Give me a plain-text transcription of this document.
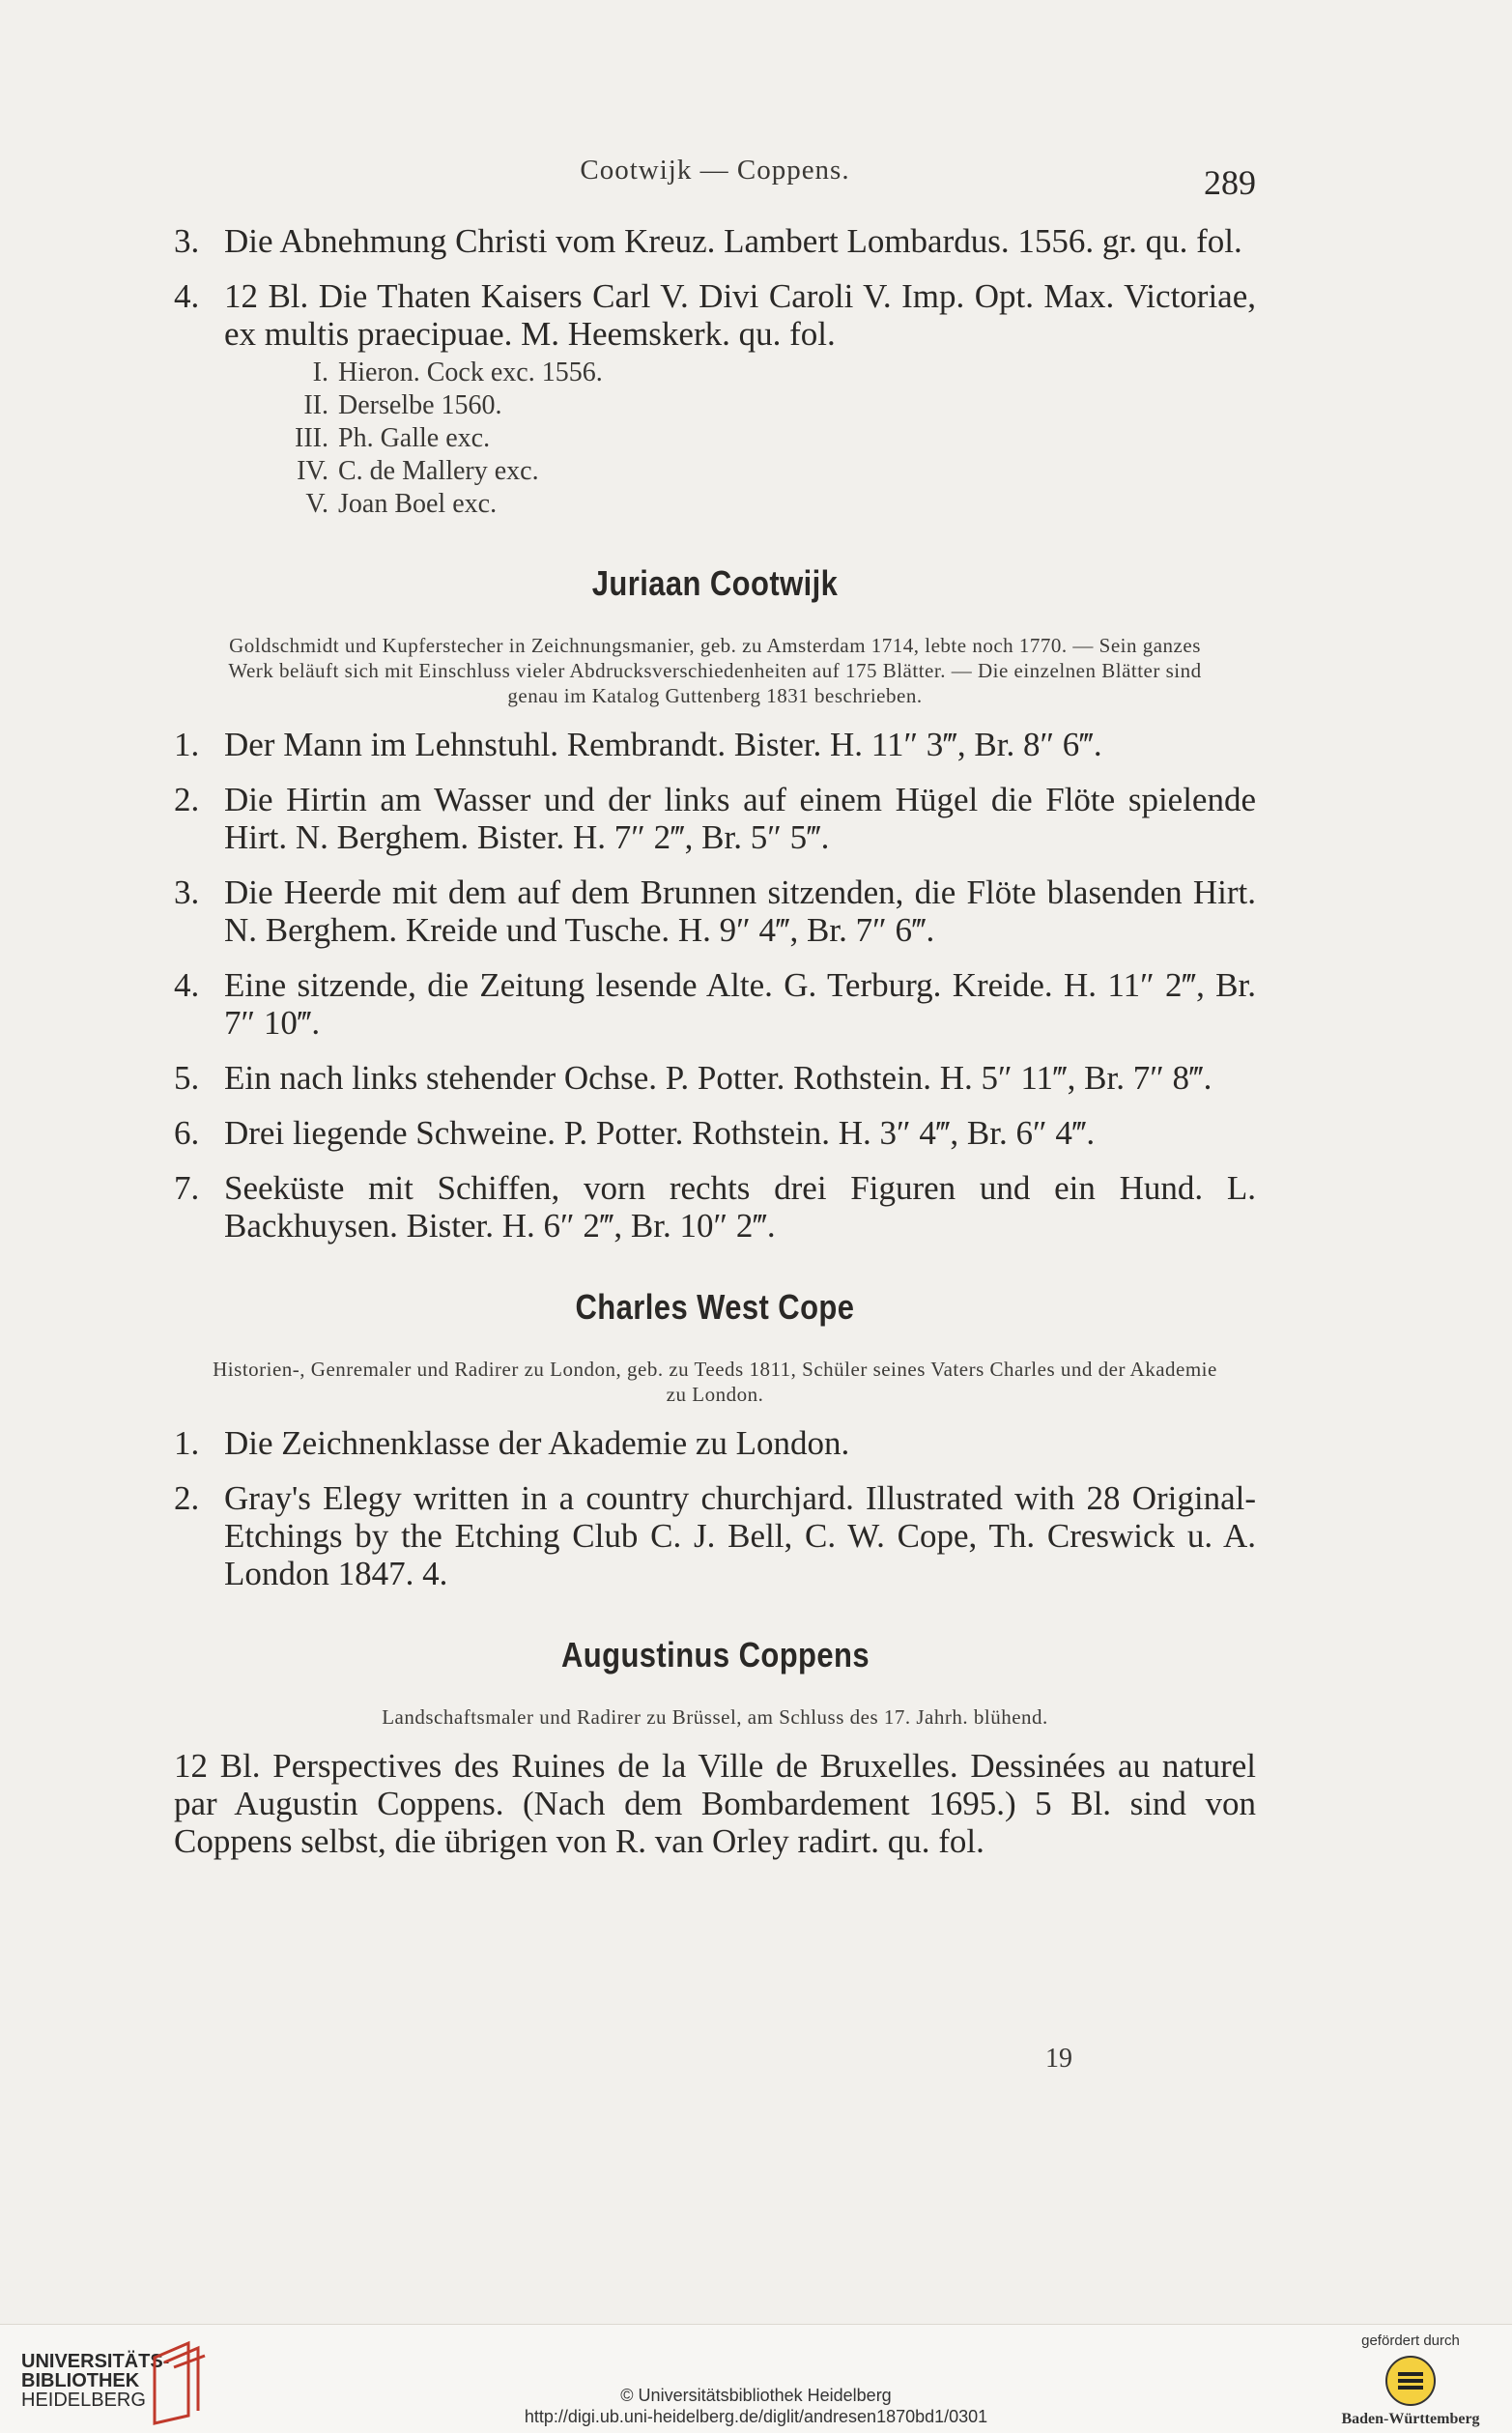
Cootwijk — Coppens.	289
3. Die Abnehmung Christi vom Kreuz. Lambert Lombardus. 1556. gr. qu. fol.
4. 12 Bl. Die Thaten Kaisers Carl V. Divi Caroli V. Imp. Opt. Max. Victoriae, ex multis praecipuae. M. Heemskerk. qu. fol.
I. Hieron. Cock exc. 1556.
II. Derselbe 1560.
III. Ph. Galle exc.
IV. C. de Mallery exc.
V. Joan Boel exc.
Juriaan Cootwijk
Goldschmidt und Kupferstecher in Zeichnungsmanier, geb. zu Amsterdam 1714, lebte noch 1770. — Sein ganzes Werk beläuft sich mit Einschluss vieler Abdrucksverschiedenheiten auf 175 Blätter. — Die einzelnen Blätter sind genau im Katalog Guttenberg 1831 beschrieben.
1. Der Mann im Lehnstuhl. Rembrandt. Bister. H. 11″ 3‴, Br. 8″ 6‴.
2. Die Hirtin am Wasser und der links auf einem Hügel die Flöte spielende Hirt. N. Berghem. Bister. H. 7″ 2‴, Br. 5″ 5‴.
3. Die Heerde mit dem auf dem Brunnen sitzenden, die Flöte blasenden Hirt. N. Berghem. Kreide und Tusche. H. 9″ 4‴, Br. 7″ 6‴.
4. Eine sitzende, die Zeitung lesende Alte. G. Terburg. Kreide. H. 11″ 2‴, Br. 7″ 10‴.
5. Ein nach links stehender Ochse. P. Potter. Rothstein. H. 5″ 11‴, Br. 7″ 8‴.
6. Drei liegende Schweine. P. Potter. Rothstein. H. 3″ 4‴, Br. 6″ 4‴.
7. Seeküste mit Schiffen, vorn rechts drei Figuren und ein Hund. L. Backhuysen. Bister. H. 6″ 2‴, Br. 10″ 2‴.
Charles West Cope
Historien-, Genremaler und Radirer zu London, geb. zu Teeds 1811, Schüler seines Vaters Charles und der Akademie zu London.
1. Die Zeichnenklasse der Akademie zu London.
2. Gray's Elegy written in a country churchjard. Illustrated with 28 Original-Etchings by the Etching Club C. J. Bell, C. W. Cope, Th. Creswick u. A. London 1847. 4.
Augustinus Coppens
Landschaftsmaler und Radirer zu Brüssel, am Schluss des 17. Jahrh. blühend.
12 Bl. Perspectives des Ruines de la Ville de Bruxelles. Dessinées au naturel par Augustin Coppens. (Nach dem Bombardement 1695.) 5 Bl. sind von Coppens selbst, die übrigen von R. van Orley radirt. qu. fol.
19
UNIVERSITÄTS-
BIBLIOTHEK
HEIDELBERG	© Universitätsbibliothek Heidelberg
http://digi.ub.uni-heidelberg.de/diglit/andresen1870bd1/0301
gefördert durch
Baden-Württemberg
